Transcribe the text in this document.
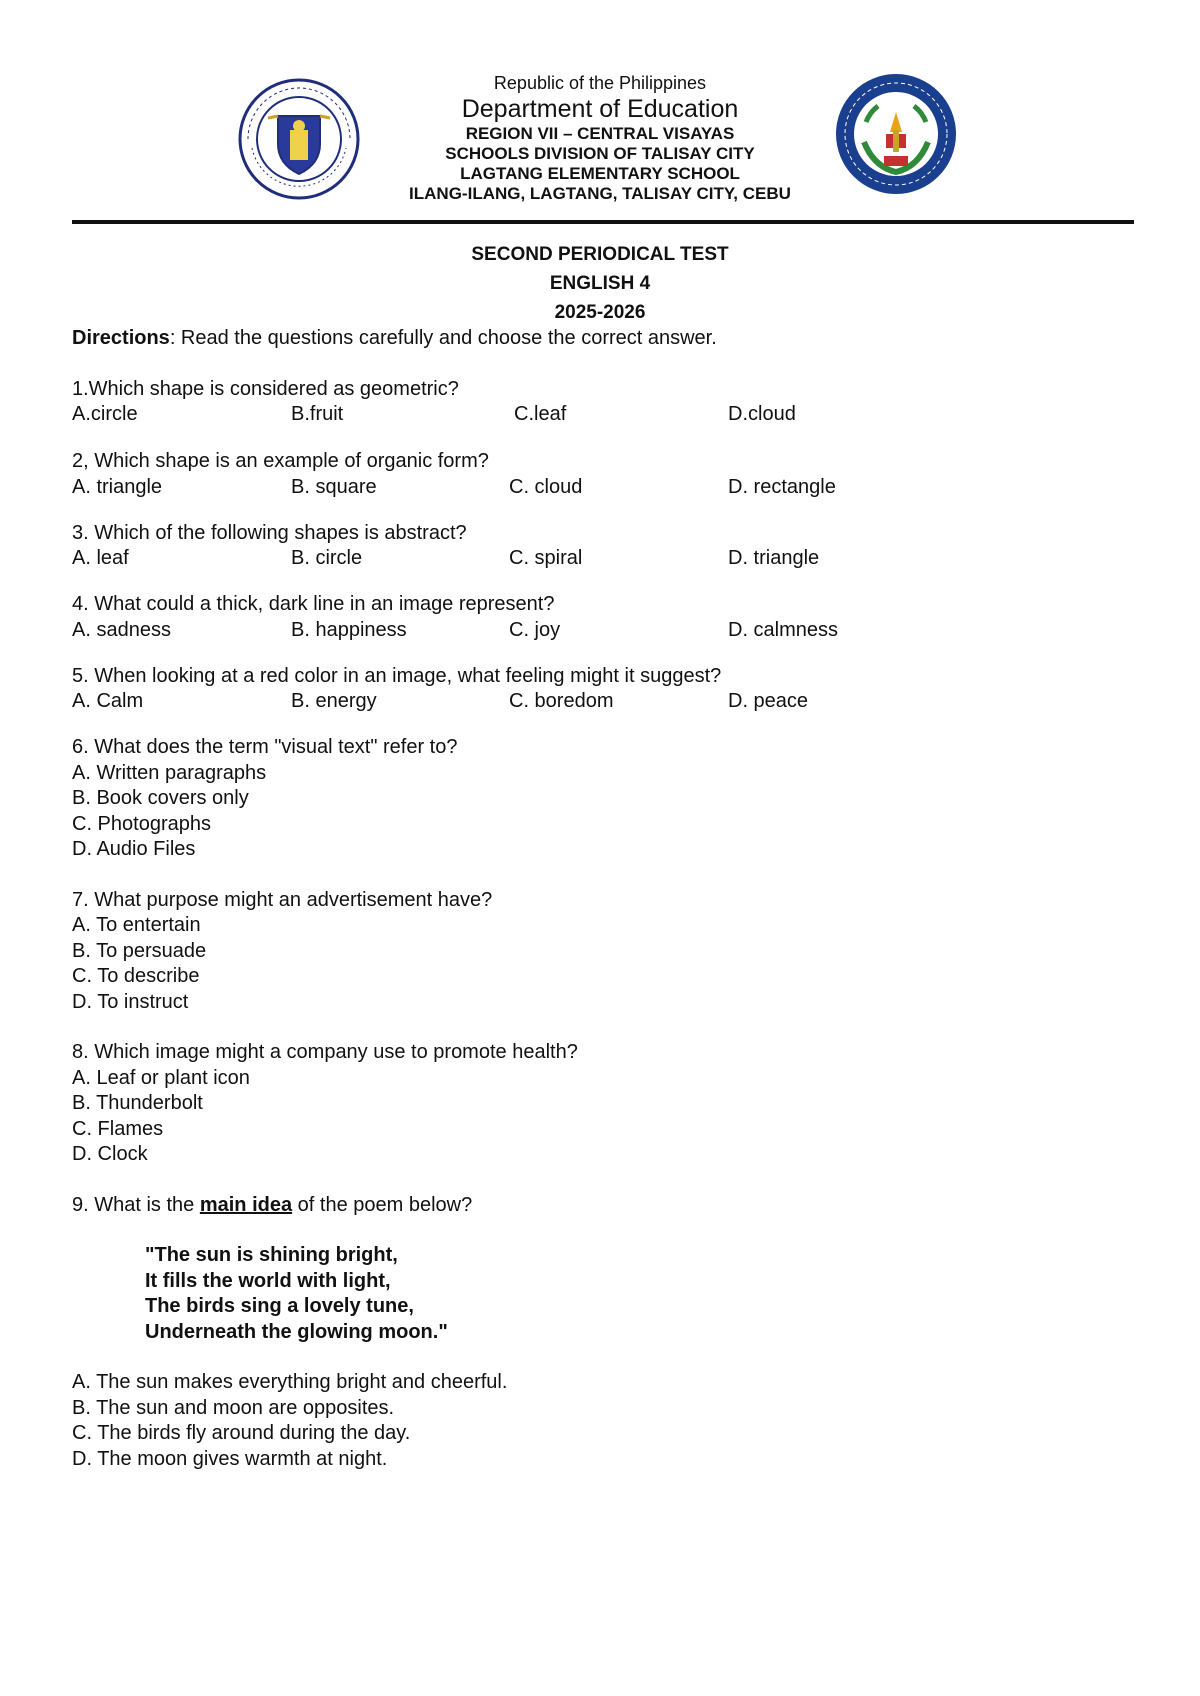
Republic of the Philippines
Department of Education
REGION VII – CENTRAL VISAYAS
SCHOOLS DIVISION OF TALISAY CITY
LAGTANG ELEMENTARY SCHOOL
ILANG-ILANG, LAGTANG, TALISAY CITY, CEBU
SECOND PERIODICAL TEST
ENGLISH 4
2025-2026
Directions: Read the questions carefully and choose the correct answer.
1.Which shape is considered as geometric?
A.circle	B.fruit	C.leaf	D.cloud
2, Which shape is an example of organic form?
A. triangle	B. square	C. cloud	D. rectangle
3. Which of the following shapes is abstract?
A. leaf	B. circle	C. spiral	D. triangle
4. What could a thick, dark line in an image represent?
A. sadness	B. happiness	C. joy	D. calmness
5. When looking at a red color in an image, what feeling might it suggest?
A. Calm	B. energy	C. boredom	D. peace
6. What does the term "visual text" refer to?
A. Written paragraphs
B. Book covers only
C. Photographs
D. Audio Files
7. What purpose might an advertisement have?
A. To entertain
B. To persuade
C. To describe
D. To instruct
8. Which image might a company use to promote health?
A. Leaf or plant icon
B. Thunderbolt
C. Flames
D. Clock
9. What is the main idea of the poem below?
"The sun is shining bright,
It fills the world with light,
The birds sing a lovely tune,
Underneath the glowing moon."
A. The sun makes everything bright and cheerful.
B. The sun and moon are opposites.
C. The birds fly around during the day.
D. The moon gives warmth at night.
